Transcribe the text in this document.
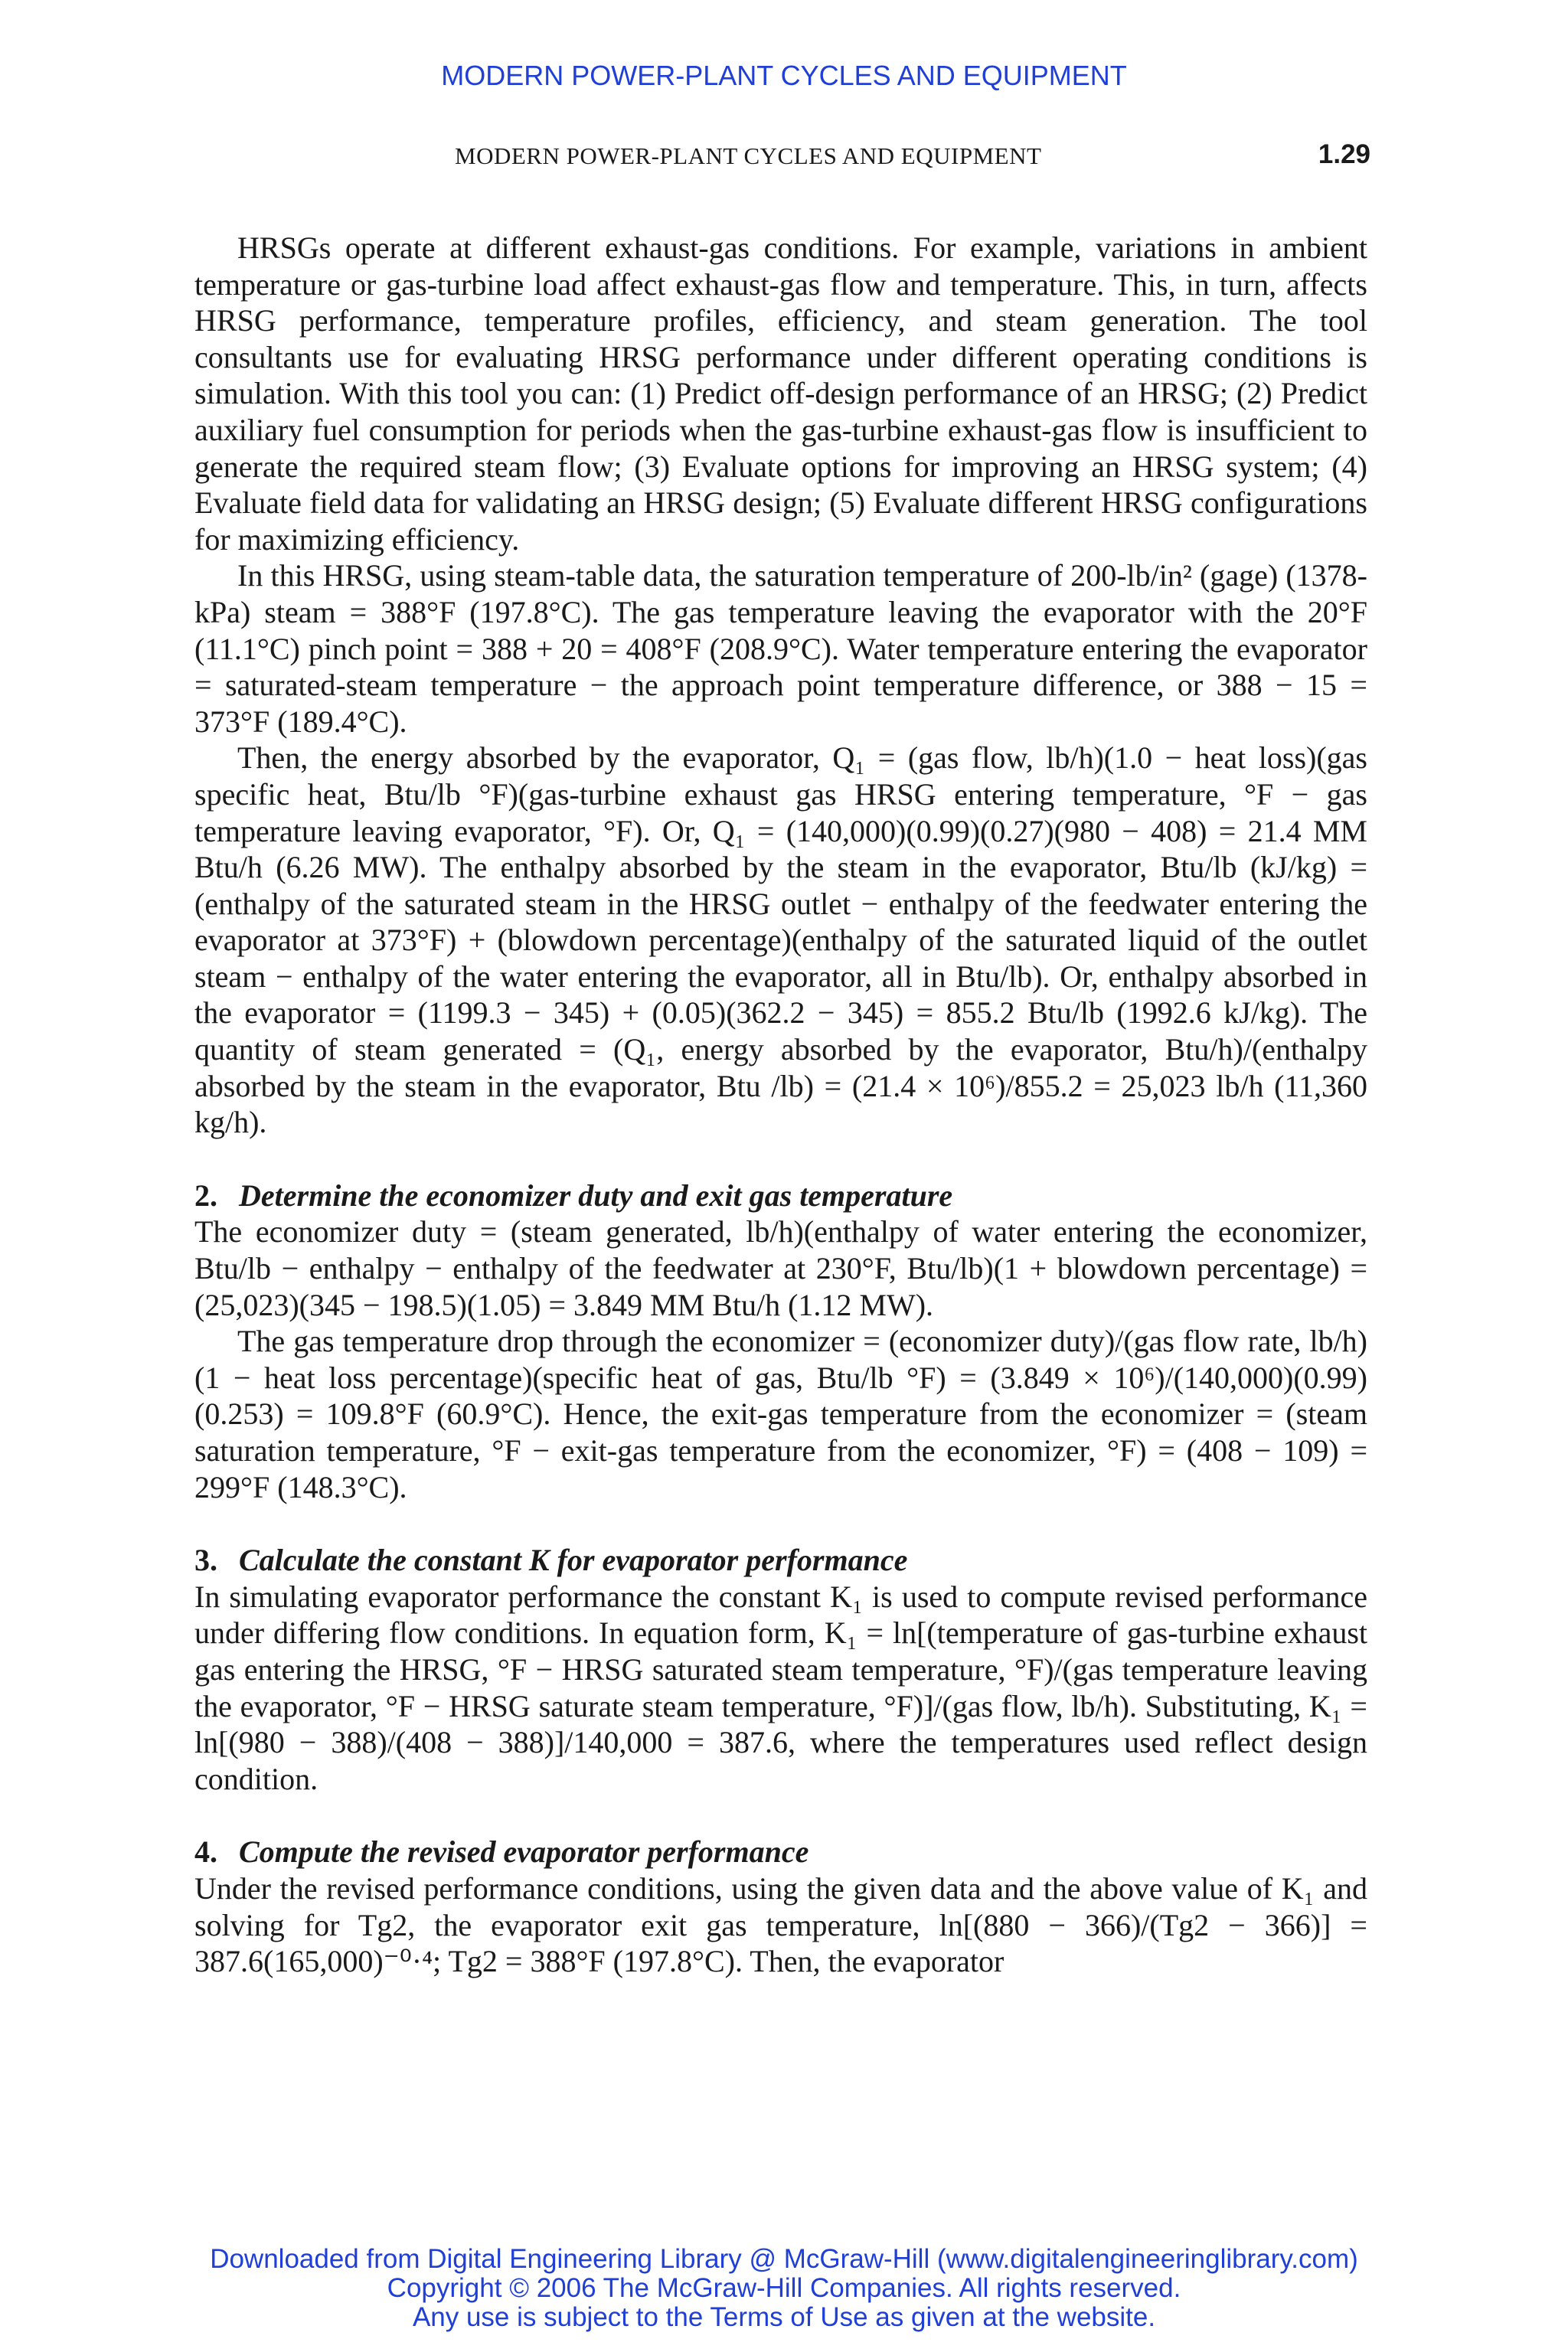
MODERN POWER-PLANT CYCLES AND EQUIPMENT
MODERN POWER-PLANT CYCLES AND EQUIPMENT	1.29

HRSGs operate at different exhaust-gas conditions. For example, variations in ambient temperature or gas-turbine load affect exhaust-gas flow and temperature. This, in turn, affects HRSG performance, temperature profiles, efficiency, and steam generation. The tool consultants use for evaluating HRSG performance under different operating conditions is simulation. With this tool you can: (1) Predict off-design performance of an HRSG; (2) Predict auxiliary fuel consumption for periods when the gas-turbine exhaust-gas flow is insufficient to generate the required steam flow; (3) Evaluate options for improving an HRSG system; (4) Evaluate field data for validating an HRSG design; (5) Evaluate different HRSG configurations for maximizing efficiency.

In this HRSG, using steam-table data, the saturation temperature of 200-lb/in² (gage) (1378-kPa) steam = 388°F (197.8°C). The gas temperature leaving the evaporator with the 20°F (11.1°C) pinch point = 388 + 20 = 408°F (208.9°C). Water temperature entering the evaporator = saturated-steam temperature − the approach point temperature difference, or 388 − 15 = 373°F (189.4°C).

Then, the energy absorbed by the evaporator, Q₁ = (gas flow, lb/h)(1.0 − heat loss)(gas specific heat, Btu/lb °F)(gas-turbine exhaust gas HRSG entering temperature, °F − gas temperature leaving evaporator, °F). Or, Q₁ = (140,000)(0.99)(0.27)(980 − 408) = 21.4 MM Btu/h (6.26 MW). The enthalpy absorbed by the steam in the evaporator, Btu/lb (kJ/kg) = (enthalpy of the saturated steam in the HRSG outlet − enthalpy of the feedwater entering the evaporator at 373°F) + (blowdown percentage)(enthalpy of the saturated liquid of the outlet steam − enthalpy of the water entering the evaporator, all in Btu/lb). Or, enthalpy absorbed in the evaporator = (1199.3 − 345) + (0.05)(362.2 − 345) = 855.2 Btu/lb (1992.6 kJ/kg). The quantity of steam generated = (Q₁, energy absorbed by the evaporator, Btu/h)/(enthalpy absorbed by the steam in the evaporator, Btu /lb) = (21.4 × 10⁶)/855.2 = 25,023 lb/h (11,360 kg/h).

2. Determine the economizer duty and exit gas temperature

The economizer duty = (steam generated, lb/h)(enthalpy of water entering the economizer, Btu/lb − enthalpy − enthalpy of the feedwater at 230°F, Btu/lb)(1 + blowdown percentage) = (25,023)(345 − 198.5)(1.05) = 3.849 MM Btu/h (1.12 MW).

The gas temperature drop through the economizer = (economizer duty)/(gas flow rate, lb/h)(1 − heat loss percentage)(specific heat of gas, Btu/lb °F) = (3.849 × 10⁶)/(140,000)(0.99)(0.253) = 109.8°F (60.9°C). Hence, the exit-gas temperature from the economizer = (steam saturation temperature, °F − exit-gas temperature from the economizer, °F) = (408 − 109) = 299°F (148.3°C).

3. Calculate the constant K for evaporator performance

In simulating evaporator performance the constant K₁ is used to compute revised performance under differing flow conditions. In equation form, K₁ = ln[(temperature of gas-turbine exhaust gas entering the HRSG, °F − HRSG saturated steam temperature, °F)/(gas temperature leaving the evaporator, °F − HRSG saturate steam temperature, °F)]/(gas flow, lb/h). Substituting, K₁ = ln[(980 − 388)/(408 − 388)]/140,000 = 387.6, where the temperatures used reflect design condition.

4. Compute the revised evaporator performance

Under the revised performance conditions, using the given data and the above value of K₁ and solving for Tg2, the evaporator exit gas temperature, ln[(880 − 366)/(Tg2 − 366)] = 387.6(165,000)⁻⁰·⁴; Tg2 = 388°F (197.8°C). Then, the evaporator

Downloaded from Digital Engineering Library @ McGraw-Hill (www.digitalengineeringlibrary.com)
Copyright © 2006 The McGraw-Hill Companies. All rights reserved.
Any use is subject to the Terms of Use as given at the website.
